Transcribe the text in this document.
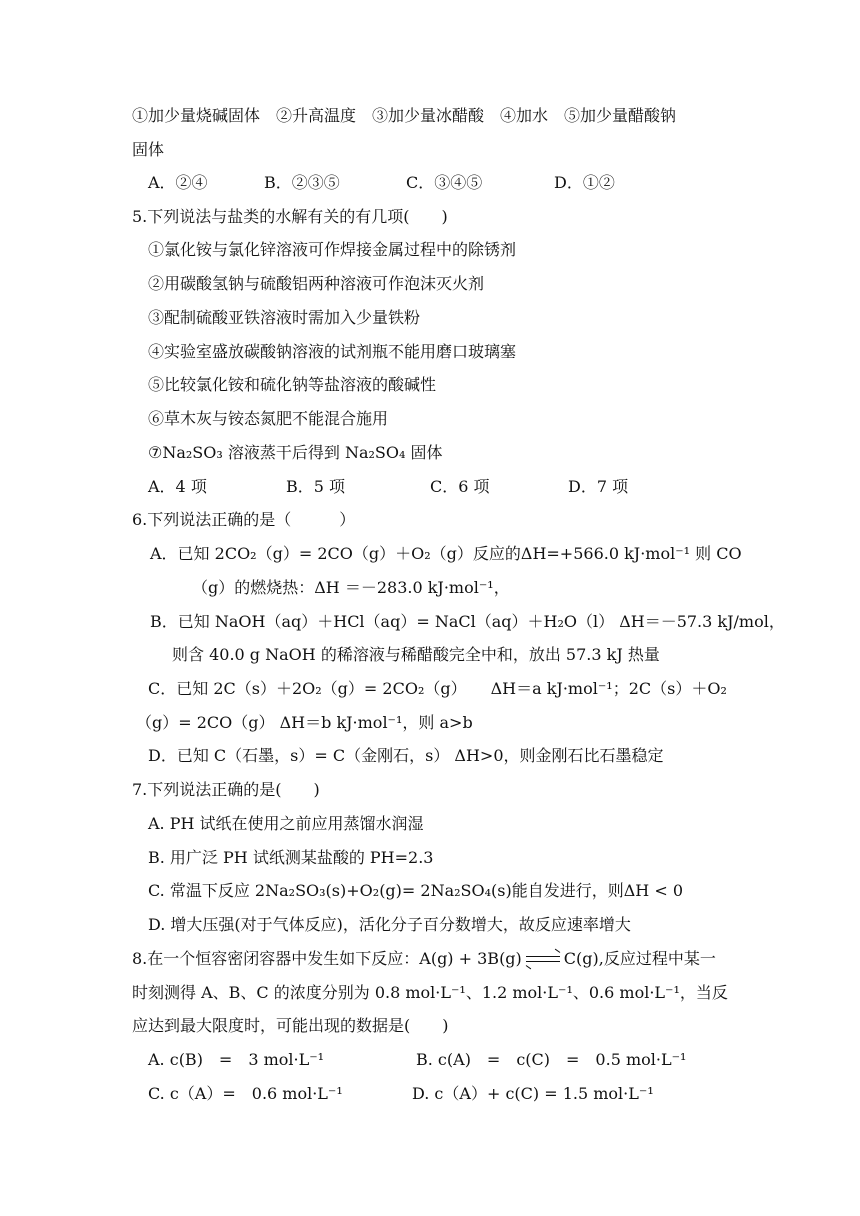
①加少量烧碱固体　②升高温度　③加少量冰醋酸　④加水　⑤加少量醋酸钠
固体
A．②④	B．②③⑤	C．③④⑤	D．①②
5.下列说法与盐类的水解有关的有几项(　　)
①氯化铵与氯化锌溶液可作焊接金属过程中的除锈剂
②用碳酸氢钠与硫酸铝两种溶液可作泡沫灭火剂
③配制硫酸亚铁溶液时需加入少量铁粉
④实验室盛放碳酸钠溶液的试剂瓶不能用磨口玻璃塞
⑤比较氯化铵和硫化钠等盐溶液的酸碱性
⑥草木灰与铵态氮肥不能混合施用
⑦Na₂SO₃ 溶液蒸干后得到 Na₂SO₄ 固体
A．4 项	B．5 项	C．6 项	D．7 项
6.下列说法正确的是（　　　）
A．已知 2CO₂（g）= 2CO（g）＋O₂（g）反应的ΔH=+566.0 kJ·mol⁻¹ 则 CO
（g）的燃烧热：ΔH ＝－283.0 kJ·mol⁻¹，
B．已知 NaOH（aq）＋HCl（aq）= NaCl（aq）＋H₂O（l） ΔH＝－57.3 kJ/mol，
则含 40.0 g NaOH 的稀溶液与稀醋酸完全中和，放出 57.3 kJ 热量
C．已知 2C（s）＋2O₂（g）= 2CO₂（g）　　ΔH＝a kJ·mol⁻¹；2C（s）＋O₂
（g）= 2CO（g） ΔH＝b kJ·mol⁻¹，则 a>b
D．已知 C（石墨，s）= C（金刚石，s） ΔH>0，则金刚石比石墨稳定
7.下列说法正确的是(　　)
A. PH 试纸在使用之前应用蒸馏水润湿
B. 用广泛 PH 试纸测某盐酸的 PH=2.3
C. 常温下反应 2Na₂SO₃(s)+O₂(g)= 2Na₂SO₄(s)能自发进行，则ΔH < 0
D. 增大压强(对于气体反应)，活化分子百分数增大，故反应速率增大
8.在一个恒容密闭容器中发生如下反应：A(g) + 3B(g)	C(g),反应过程中某一
时刻测得 A、B、C 的浓度分别为 0.8 mol·L⁻¹、1.2 mol·L⁻¹、0.6 mol·L⁻¹，当反
应达到最大限度时，可能出现的数据是(　　)
A. c(B)　=　3 mol·L⁻¹	B. c(A)　=　c(C)　=　0.5 mol·L⁻¹
C. c（A）=　0.6 mol·L⁻¹	D. c（A）+ c(C) = 1.5 mol·L⁻¹
